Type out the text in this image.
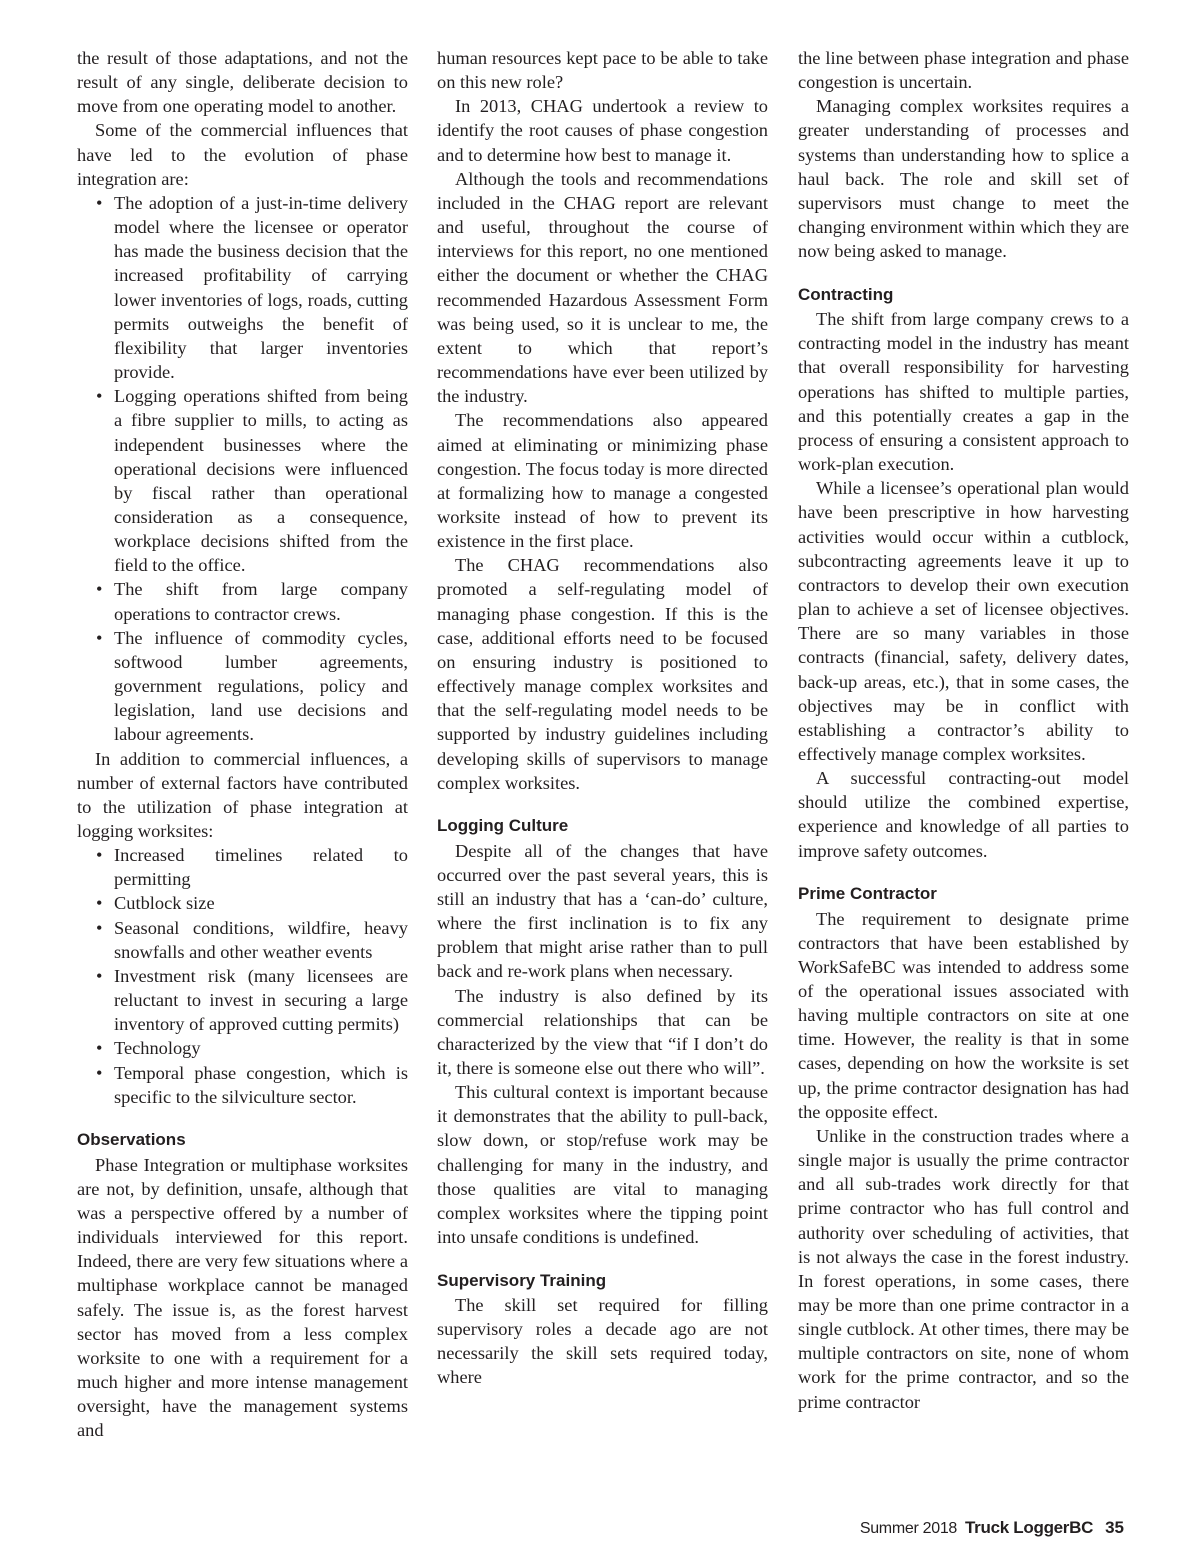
the result of those adaptations, and not the result of any single, deliberate decision to move from one operating model to another.

Some of the commercial influences that have led to the evolution of phase integration are:

• The adoption of a just-in-time delivery model where the licensee or operator has made the business decision that the increased profitability of carrying lower inventories of logs, roads, cutting permits outweighs the benefit of flexibility that larger inventories provide.
• Logging operations shifted from being a fibre supplier to mills, to acting as independent businesses where the operational decisions were influenced by fiscal rather than operational consideration as a consequence, workplace decisions shifted from the field to the office.
• The shift from large company operations to contractor crews.
• The influence of commodity cycles, softwood lumber agreements, government regulations, policy and legislation, land use decisions and labour agreements.

In addition to commercial influences, a number of external factors have contributed to the utilization of phase integration at logging worksites:

• Increased timelines related to permitting
• Cutblock size
• Seasonal conditions, wildfire, heavy snowfalls and other weather events
• Investment risk (many licensees are reluctant to invest in securing a large inventory of approved cutting permits)
• Technology
• Temporal phase congestion, which is specific to the silviculture sector.
Observations

Phase Integration or multiphase worksites are not, by definition, unsafe, although that was a perspective offered by a number of individuals interviewed for this report. Indeed, there are very few situations where a multiphase workplace cannot be managed safely. The issue is, as the forest harvest sector has moved from a less complex worksite to one with a requirement for a much higher and more intense management oversight, have the management systems and

human resources kept pace to be able to take on this new role?

In 2013, CHAG undertook a review to identify the root causes of phase congestion and to determine how best to manage it.

Although the tools and recommendations included in the CHAG report are relevant and useful, throughout the course of interviews for this report, no one mentioned either the document or whether the CHAG recommended Hazardous Assessment Form was being used, so it is unclear to me, the extent to which that report’s recommendations have ever been utilized by the industry.

The recommendations also appeared aimed at eliminating or minimizing phase congestion. The focus today is more directed at formalizing how to manage a congested worksite instead of how to prevent its existence in the first place.

The CHAG recommendations also promoted a self-regulating model of managing phase congestion. If this is the case, additional efforts need to be focused on ensuring industry is positioned to effectively manage complex worksites and that the self-regulating model needs to be supported by industry guidelines including developing skills of supervisors to manage complex worksites.

Logging Culture

Despite all of the changes that have occurred over the past several years, this is still an industry that has a ‘can-do’ culture, where the first inclination is to fix any problem that might arise rather than to pull back and re-work plans when necessary.

The industry is also defined by its commercial relationships that can be characterized by the view that “if I don’t do it, there is someone else out there who will”.

This cultural context is important because it demonstrates that the ability to pull-back, slow down, or stop/refuse work may be challenging for many in the industry, and those qualities are vital to managing complex worksites where the tipping point into unsafe conditions is undefined.

Supervisory Training

The skill set required for filling supervisory roles a decade ago are not necessarily the skill sets required today, where

the line between phase integration and phase congestion is uncertain.

Managing complex worksites requires a greater understanding of processes and systems than understanding how to splice a haul back. The role and skill set of supervisors must change to meet the changing environment within which they are now being asked to manage.

Contracting

The shift from large company crews to a contracting model in the industry has meant that overall responsibility for harvesting operations has shifted to multiple parties, and this potentially creates a gap in the process of ensuring a consistent approach to work-plan execution.

While a licensee’s operational plan would have been prescriptive in how harvesting activities would occur within a cutblock, subcontracting agreements leave it up to contractors to develop their own execution plan to achieve a set of licensee objectives. There are so many variables in those contracts (financial, safety, delivery dates, back-up areas, etc.), that in some cases, the objectives may be in conflict with establishing a contractor’s ability to effectively manage complex worksites.

A successful contracting-out model should utilize the combined expertise, experience and knowledge of all parties to improve safety outcomes.

Prime Contractor

The requirement to designate prime contractors that have been established by WorkSafeBC was intended to address some of the operational issues associated with having multiple contractors on site at one time. However, the reality is that in some cases, depending on how the worksite is set up, the prime contractor designation has had the opposite effect.

Unlike in the construction trades where a single major is usually the prime contractor and all sub-trades work directly for that prime contractor who has full control and authority over scheduling of activities, that is not always the case in the forest industry. In forest operations, in some cases, there may be more than one prime contractor in a single cutblock. At other times, there may be multiple contractors on site, none of whom work for the prime contractor, and so the prime contractor

Summer 2018 Truck LoggerBC 35
